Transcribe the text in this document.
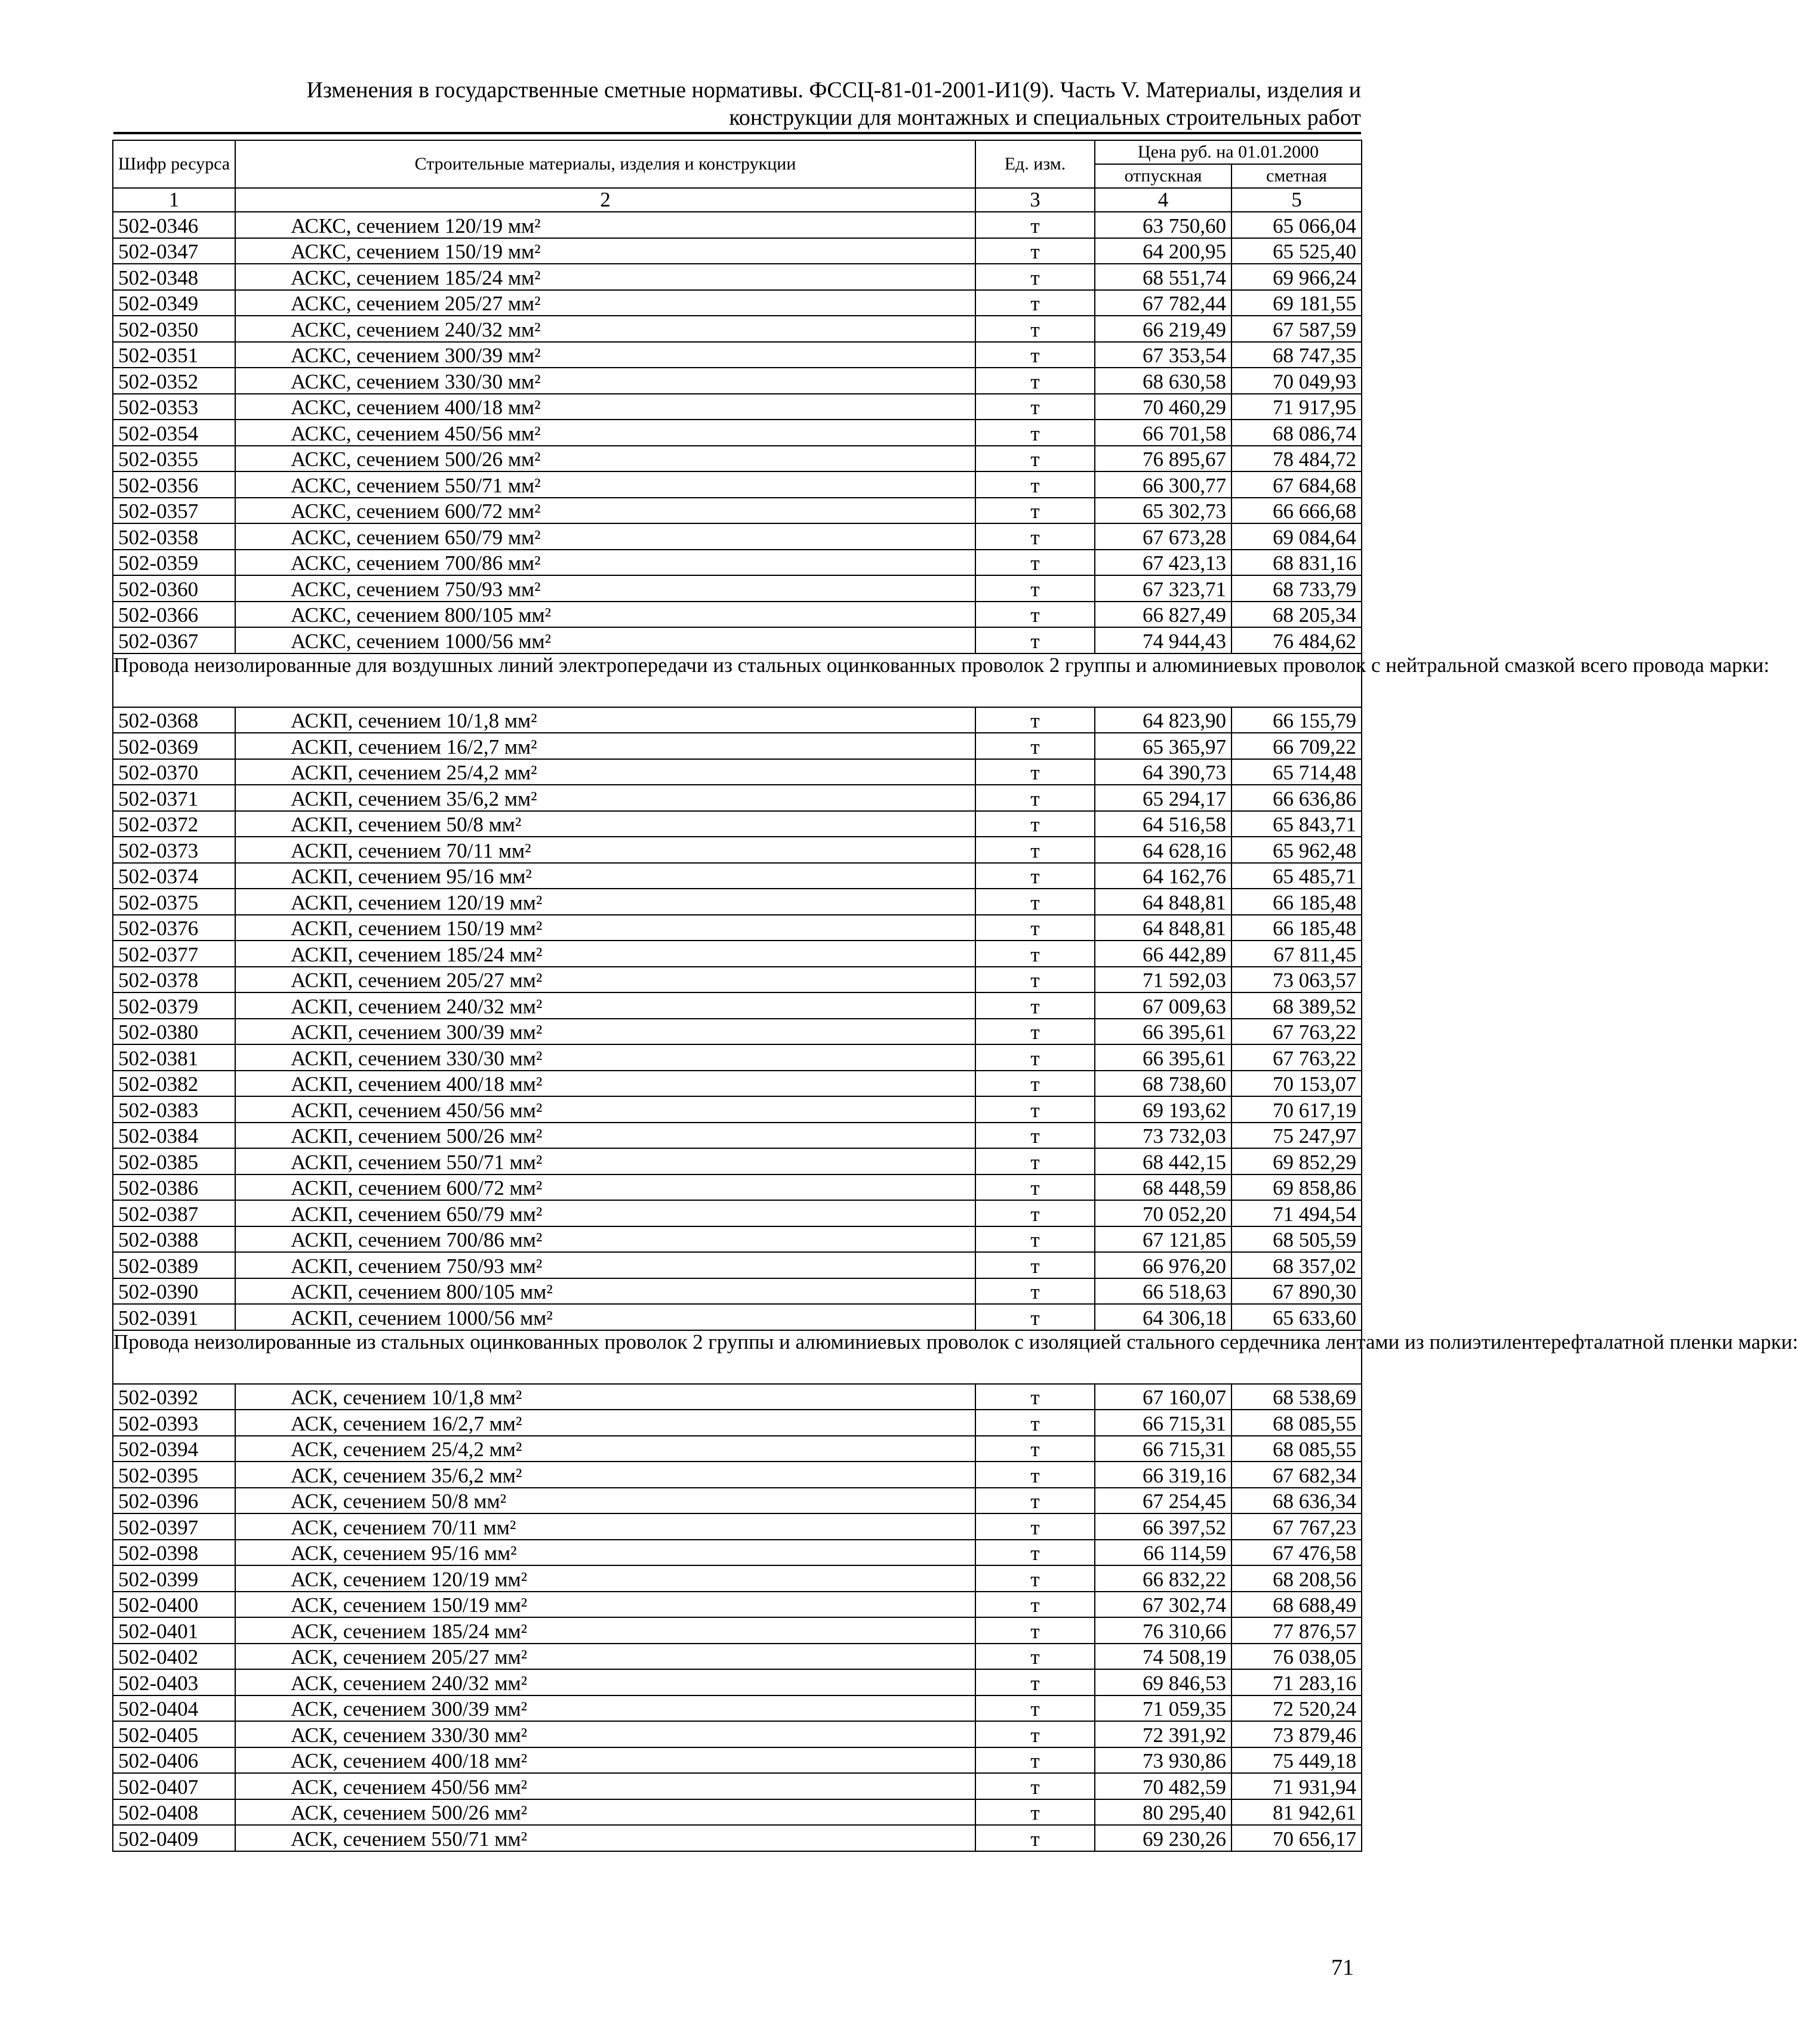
Изменения в государственные сметные нормативы. ФССЦ-81-01-2001-И1(9). Часть V. Материалы, изделия и
конструкции для монтажных и специальных строительных работ
Шифр ресурса	Строительные материалы, изделия и конструкции	Ед. изм.	Цена руб. на 01.01.2000	
			отпускная	сметная
1	2	3	4	5
502-0346	АСКС, сечением 120/19 мм²	т	63 750,60	65 066,04
502-0347	АСКС, сечением 150/19 мм²	т	64 200,95	65 525,40
502-0348	АСКС, сечением 185/24 мм²	т	68 551,74	69 966,24
502-0349	АСКС, сечением 205/27 мм²	т	67 782,44	69 181,55
502-0350	АСКС, сечением 240/32 мм²	т	66 219,49	67 587,59
502-0351	АСКС, сечением 300/39 мм²	т	67 353,54	68 747,35
502-0352	АСКС, сечением 330/30 мм²	т	68 630,58	70 049,93
502-0353	АСКС, сечением 400/18 мм²	т	70 460,29	71 917,95
502-0354	АСКС, сечением 450/56 мм²	т	66 701,58	68 086,74
502-0355	АСКС, сечением 500/26 мм²	т	76 895,67	78 484,72
502-0356	АСКС, сечением 550/71 мм²	т	66 300,77	67 684,68
502-0357	АСКС, сечением 600/72 мм²	т	65 302,73	66 666,68
502-0358	АСКС, сечением 650/79 мм²	т	67 673,28	69 084,64
502-0359	АСКС, сечением 700/86 мм²	т	67 423,13	68 831,16
502-0360	АСКС, сечением 750/93 мм²	т	67 323,71	68 733,79
502-0366	АСКС, сечением 800/105 мм²	т	66 827,49	68 205,34
502-0367	АСКС, сечением 1000/56 мм²	т	74 944,43	76 484,62
Провода неизолированные для воздушных линий электропередачи из стальных оцинкованных проволок 2 группы и алюминиевых проволок с нейтральной смазкой всего провода марки:				
502-0368	АСКП, сечением 10/1,8 мм²	т	64 823,90	66 155,79
502-0369	АСКП, сечением 16/2,7 мм²	т	65 365,97	66 709,22
502-0370	АСКП, сечением 25/4,2 мм²	т	64 390,73	65 714,48
502-0371	АСКП, сечением 35/6,2 мм²	т	65 294,17	66 636,86
502-0372	АСКП, сечением 50/8 мм²	т	64 516,58	65 843,71
502-0373	АСКП, сечением 70/11 мм²	т	64 628,16	65 962,48
502-0374	АСКП, сечением 95/16 мм²	т	64 162,76	65 485,71
502-0375	АСКП, сечением 120/19 мм²	т	64 848,81	66 185,48
502-0376	АСКП, сечением 150/19 мм²	т	64 848,81	66 185,48
502-0377	АСКП, сечением 185/24 мм²	т	66 442,89	67 811,45
502-0378	АСКП, сечением 205/27 мм²	т	71 592,03	73 063,57
502-0379	АСКП, сечением 240/32 мм²	т	67 009,63	68 389,52
502-0380	АСКП, сечением 300/39 мм²	т	66 395,61	67 763,22
502-0381	АСКП, сечением 330/30 мм²	т	66 395,61	67 763,22
502-0382	АСКП, сечением 400/18 мм²	т	68 738,60	70 153,07
502-0383	АСКП, сечением 450/56 мм²	т	69 193,62	70 617,19
502-0384	АСКП, сечением 500/26 мм²	т	73 732,03	75 247,97
502-0385	АСКП, сечением 550/71 мм²	т	68 442,15	69 852,29
502-0386	АСКП, сечением 600/72 мм²	т	68 448,59	69 858,86
502-0387	АСКП, сечением 650/79 мм²	т	70 052,20	71 494,54
502-0388	АСКП, сечением 700/86 мм²	т	67 121,85	68 505,59
502-0389	АСКП, сечением 750/93 мм²	т	66 976,20	68 357,02
502-0390	АСКП, сечением 800/105 мм²	т	66 518,63	67 890,30
502-0391	АСКП, сечением 1000/56 мм²	т	64 306,18	65 633,60
Провода неизолированные из стальных оцинкованных проволок 2 группы и алюминиевых проволок с изоляцией стального сердечника лентами из полиэтилентерефталатной пленки марки:				
502-0392	АСК, сечением 10/1,8 мм²	т	67 160,07	68 538,69
502-0393	АСК, сечением 16/2,7 мм²	т	66 715,31	68 085,55
502-0394	АСК, сечением 25/4,2 мм²	т	66 715,31	68 085,55
502-0395	АСК, сечением 35/6,2 мм²	т	66 319,16	67 682,34
502-0396	АСК, сечением 50/8 мм²	т	67 254,45	68 636,34
502-0397	АСК, сечением 70/11 мм²	т	66 397,52	67 767,23
502-0398	АСК, сечением 95/16 мм²	т	66 114,59	67 476,58
502-0399	АСК, сечением 120/19 мм²	т	66 832,22	68 208,56
502-0400	АСК, сечением 150/19 мм²	т	67 302,74	68 688,49
502-0401	АСК, сечением 185/24 мм²	т	76 310,66	77 876,57
502-0402	АСК, сечением 205/27 мм²	т	74 508,19	76 038,05
502-0403	АСК, сечением 240/32 мм²	т	69 846,53	71 283,16
502-0404	АСК, сечением 300/39 мм²	т	71 059,35	72 520,24
502-0405	АСК, сечением 330/30 мм²	т	72 391,92	73 879,46
502-0406	АСК, сечением 400/18 мм²	т	73 930,86	75 449,18
502-0407	АСК, сечением 450/56 мм²	т	70 482,59	71 931,94
502-0408	АСК, сечением 500/26 мм²	т	80 295,40	81 942,61
502-0409	АСК, сечением 550/71 мм²	т	69 230,26	70 656,17
71
